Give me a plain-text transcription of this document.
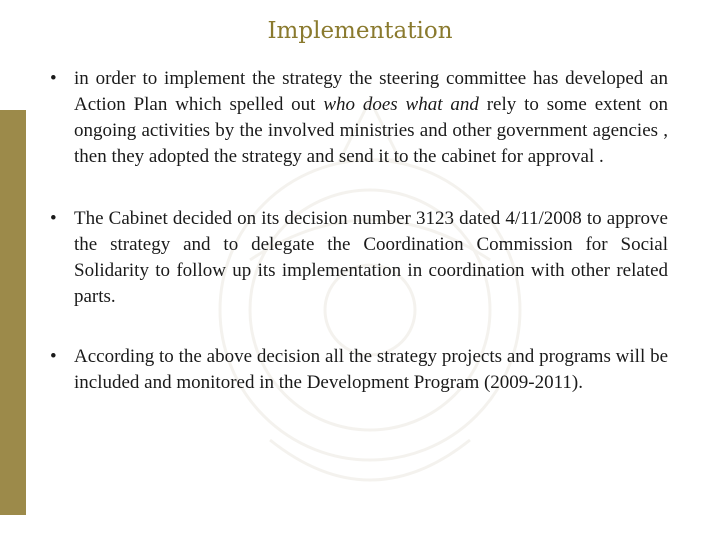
Implementation
• in order to implement the strategy the steering committee has developed an Action Plan which spelled out who does what and rely to some extent on ongoing activities by the involved ministries and other government agencies , then they adopted the strategy and send it to the cabinet for approval .
• The Cabinet decided on its decision number 3123 dated 4/11/2008 to approve the strategy and to delegate the Coordination Commission for Social Solidarity to follow up its implementation in coordination with other related parts.
• According to the above decision all the strategy projects and programs will be included and monitored in the Development Program (2009-2011).
